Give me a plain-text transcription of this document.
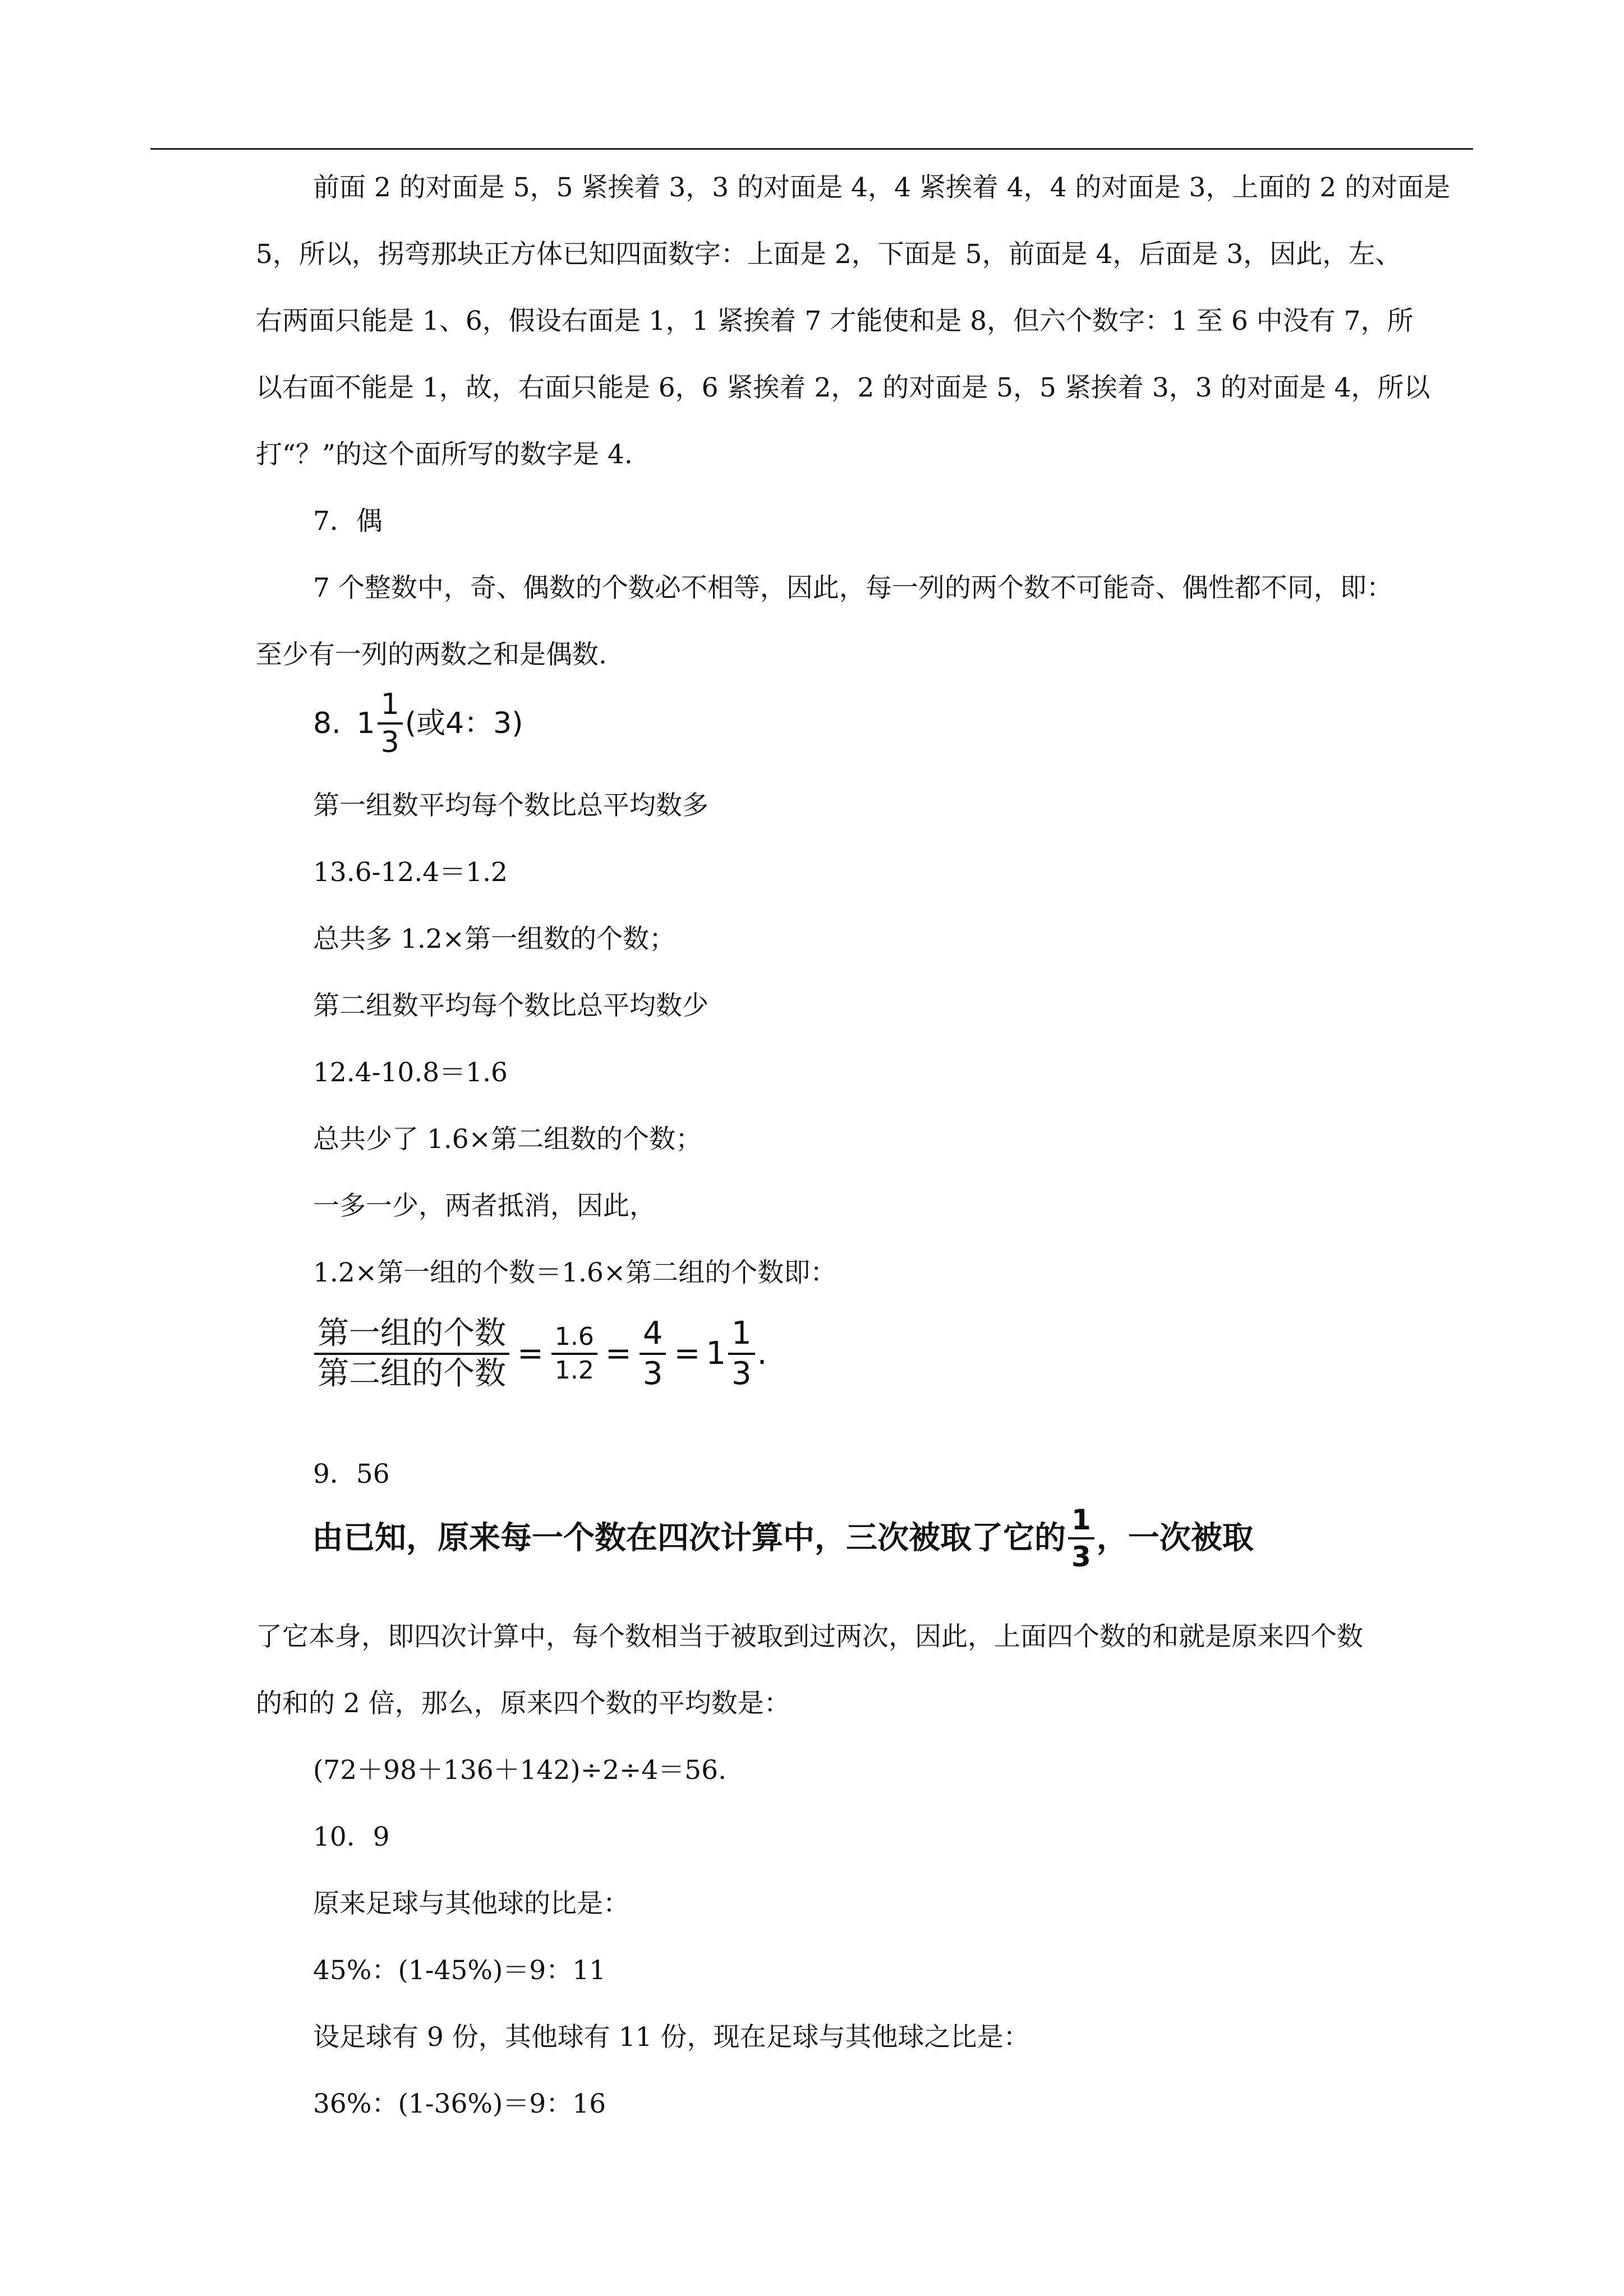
前面 2 的对面是 5，5 紧挨着 3，3 的对面是 4，4 紧挨着 4，4 的对面是 3，上面的 2 的对面是
5，所以，拐弯那块正方体已知四面数字：上面是 2，下面是 5，前面是 4，后面是 3，因此，左、
右两面只能是 1、6，假设右面是 1，1 紧挨着 7 才能使和是 8，但六个数字：1 至 6 中没有 7，所
以右面不能是 1，故，右面只能是 6，6 紧挨着 2，2 的对面是 5，5 紧挨着 3，3 的对面是 4，所以
打“？”的这个面所写的数字是 4.
7．偶
7 个整数中，奇、偶数的个数必不相等，因此，每一列的两个数不可能奇、偶性都不同，即：
至少有一列的两数之和是偶数.
8. $1 \frac{1}{3}$ (或4：3)
第一组数平均每个数比总平均数多
13.6-12.4＝1.2
总共多 1.2×第一组数的个数；
第二组数平均每个数比总平均数少
12.4-10.8＝1.6
总共少了 1.6×第二组数的个数；
一多一少，两者抵消，因此，
1.2×第一组的个数＝1.6×第二组的个数即：
$\frac{\text{第一组的个数}}{\text{第二组的个数}} = \frac{1.6}{1.2} = \frac{4}{3} = 1 \frac{1}{3}$ .
9．56
由已知，原来每一个数在四次计算中，三次被取了它的 $\frac{1}{3}$ ，一次被取
了它本身，即四次计算中，每个数相当于被取到过两次，因此，上面四个数的和就是原来四个数
的和的 2 倍，那么，原来四个数的平均数是：
(72＋98＋136＋142)÷2÷4＝56.
10．9
原来足球与其他球的比是：
45%：(1-45%)＝9：11
设足球有 9 份，其他球有 11 份，现在足球与其他球之比是：
36%：(1-36%)＝9：16
